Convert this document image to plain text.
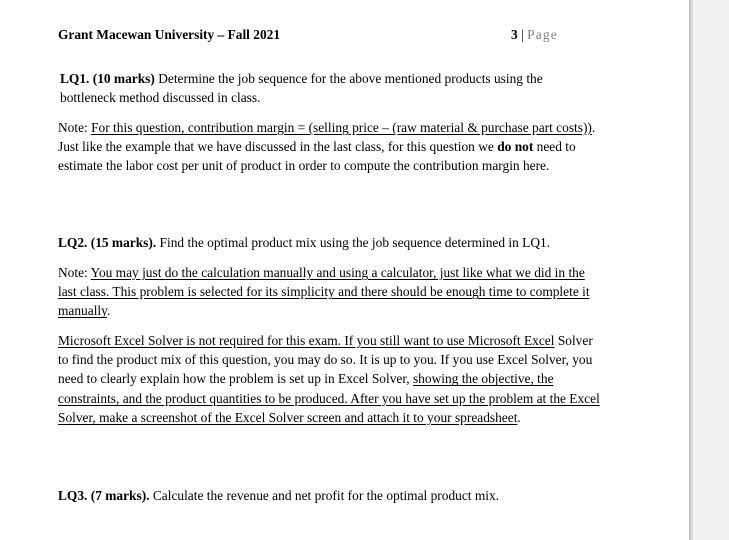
Grant Macewan University – Fall 2021	3 | Page

LQ1. (10 marks) Determine the job sequence for the above mentioned products using the bottleneck method discussed in class.

Note: For this question, contribution margin = (selling price – (raw material & purchase part costs)). Just like the example that we have discussed in the last class, for this question we do not need to estimate the labor cost per unit of product in order to compute the contribution margin here.

LQ2. (15 marks). Find the optimal product mix using the job sequence determined in LQ1.

Note: You may just do the calculation manually and using a calculator, just like what we did in the last class. This problem is selected for its simplicity and there should be enough time to complete it manually.

Microsoft Excel Solver is not required for this exam. If you still want to use Microsoft Excel Solver to find the product mix of this question, you may do so. It is up to you. If you use Excel Solver, you need to clearly explain how the problem is set up in Excel Solver, showing the objective, the constraints, and the product quantities to be produced. After you have set up the problem at the Excel Solver, make a screenshot of the Excel Solver screen and attach it to your spreadsheet.

LQ3. (7 marks). Calculate the revenue and net profit for the optimal product mix.
